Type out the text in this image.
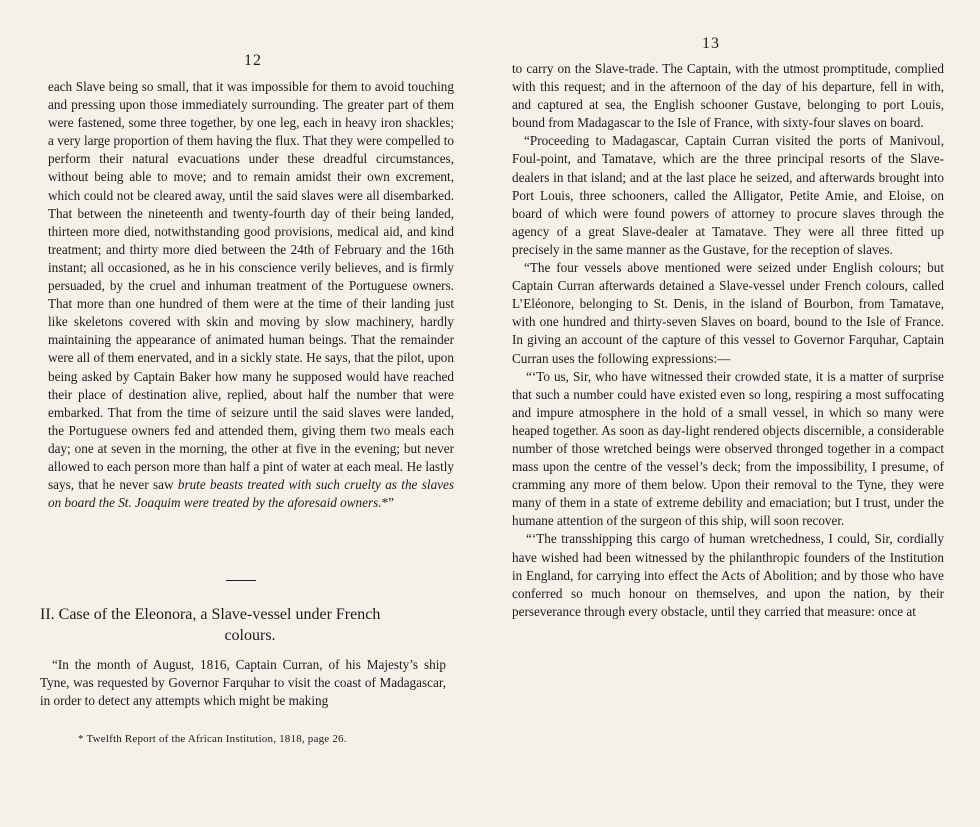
12

each Slave being so small, that it was impossible for them to avoid touching and pressing upon those immediately surrounding. The greater part of them were fastened, some three together, by one leg, each in heavy iron shackles; a very large proportion of them having the flux. That they were compelled to perform their natural evacuations under these dreadful circumstances, without being able to move; and to remain amidst their own excrement, which could not be cleared away, until the said slaves were all disembarked. That between the nineteenth and twenty-fourth day of their being landed, thirteen more died, notwithstanding good provisions, medical aid, and kind treatment; and thirty more died between the 24th of February and the 16th instant; all occasioned, as he in his conscience verily believes, and is firmly persuaded, by the cruel and inhuman treatment of the Portuguese owners. That more than one hundred of them were at the time of their landing just like skeletons covered with skin and moving by slow machinery, hardly maintaining the appearance of animated human beings. That the remainder were all of them enervated, and in a sickly state. He says, that the pilot, upon being asked by Captain Baker how many he supposed would have reached their place of destination alive, replied, about half the number that were embarked. That from the time of seizure until the said slaves were landed, the Portuguese owners fed and attended them, giving them two meals each day; one at seven in the morning, the other at five in the evening; but never allowed to each person more than half a pint of water at each meal. He lastly says, that he never saw brute beasts treated with such cruelty as the slaves on board the St. Joaquim were treated by the aforesaid owners.*”

II. Case of the Eleonora, a Slave-vessel under French
colours.

“In the month of August, 1816, Captain Curran, of his Majesty’s ship Tyne, was requested by Governor Farquhar to visit the coast of Madagascar, in order to detect any attempts which might be making

* Twelfth Report of the African Institution, 1818, page 26.
13

to carry on the Slave-trade. The Captain, with the utmost promptitude, complied with this request; and in the afternoon of the day of his departure, fell in with, and captured at sea, the English schooner Gustave, belonging to port Louis, bound from Madagascar to the Isle of France, with sixty-four slaves on board.

“Proceeding to Madagascar, Captain Curran visited the ports of Manivoul, Foul-point, and Tamatave, which are the three principal resorts of the Slave-dealers in that island; and at the last place he seized, and afterwards brought into Port Louis, three schooners, called the Alligator, Petite Amie, and Eloise, on board of which were found powers of attorney to procure slaves through the agency of a great Slave-dealer at Tamatave. They were all three fitted up precisely in the same manner as the Gustave, for the reception of slaves.

“The four vessels above mentioned were seized under English colours; but Captain Curran afterwards detained a Slave-vessel under French colours, called L’Eléonore, belonging to St. Denis, in the island of Bourbon, from Tamatave, with one hundred and thirty-seven Slaves on board, bound to the Isle of France. In giving an account of the capture of this vessel to Governor Farquhar, Captain Curran uses the following expressions:—

“‘To us, Sir, who have witnessed their crowded state, it is a matter of surprise that such a number could have existed even so long, respiring a most suffocating and impure atmosphere in the hold of a small vessel, in which so many were heaped together. As soon as day-light rendered objects discernible, a considerable number of those wretched beings were observed thronged together in a compact mass upon the centre of the vessel’s deck; from the impossibility, I presume, of cramming any more of them below. Upon their removal to the Tyne, they were many of them in a state of extreme debility and emaciation; but I trust, under the humane attention of the surgeon of this ship, will soon recover.

“‘The transshipping this cargo of human wretchedness, I could, Sir, cordially have wished had been witnessed by the philanthropic founders of the Institution in England, for carrying into effect the Acts of Abolition; and by those who have conferred so much honour on themselves, and upon the nation, by their perseverance through every obstacle, until they carried that measure: once at
